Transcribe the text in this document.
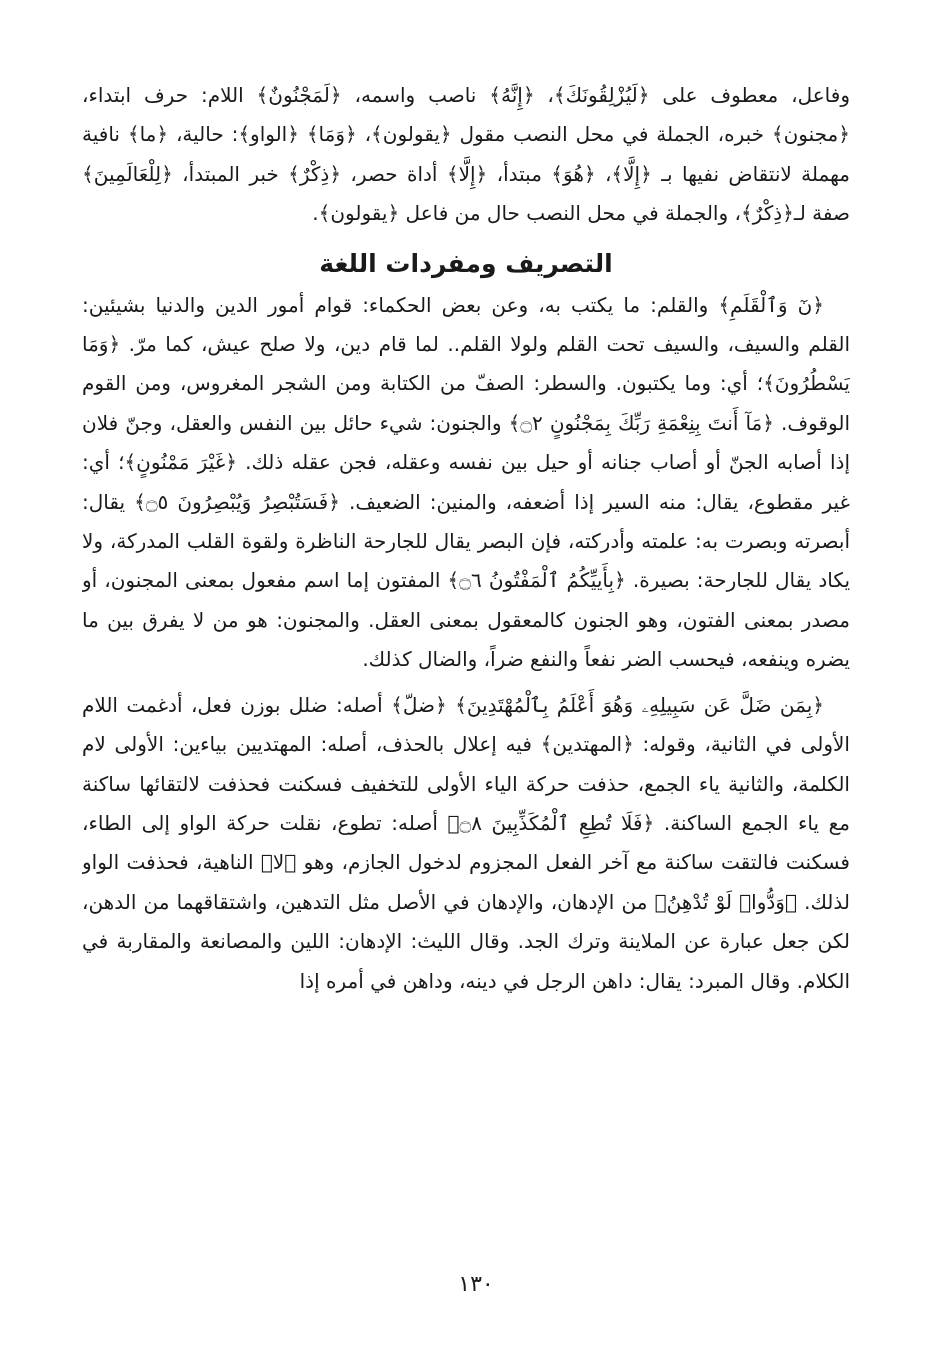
وفاعل، معطوف على ﴿لَيُزْلِقُونَكَ﴾، ﴿إِنَّهُ﴾ ناصب واسمه، ﴿لَمَجْنُونٌ﴾ اللام: حرف ابتداء، ﴿مجنون﴾ خبره، الجملة في محل النصب مقول ﴿يقولون﴾، ﴿وَمَا﴾ ﴿الواو﴾: حالية، ﴿ما﴾ نافية مهملة لانتقاض نفيها بـ ﴿إِلَّا﴾، ﴿هُوَ﴾ مبتدأ، ﴿إِلَّا﴾ أداة حصر، ﴿ذِكْرٌ﴾ خبر المبتدأ، ﴿لِلْعَالَمِينَ﴾ صفة لـ﴿ذِكْرٌ﴾، والجملة في محل النصب حال من فاعل ﴿يقولون﴾.

التصريف ومفردات اللغة

﴿نٓ وَٱلْقَلَمِ﴾ والقلم: ما يكتب به، وعن بعض الحكماء: قوام أمور الدين والدنيا بشيئين: القلم والسيف، والسيف تحت القلم ولولا القلم.. لما قام دين، ولا صلح عيش، كما مرّ. ﴿وَمَا يَسْطُرُونَ﴾؛ أي: وما يكتبون. والسطر: الصفّ من الكتابة ومن الشجر المغروس، ومن القوم الوقوف. ﴿مَآ أَنتَ بِنِعْمَةِ رَبِّكَ بِمَجْنُونٍ ۝٢﴾ والجنون: شيء حائل بين النفس والعقل، وجنّ فلان إذا أصابه الجنّ أو أصاب جنانه أو حيل بين نفسه وعقله، فجن عقله ذلك. ﴿غَيْرَ مَمْنُونٍ﴾؛ أي: غير مقطوع، يقال: منه السير إذا أضعفه، والمنين: الضعيف. ﴿فَسَتُبْصِرُ وَيُبْصِرُونَ ۝٥﴾ يقال: أبصرته وبصرت به: علمته وأدركته، فإن البصر يقال للجارحة الناظرة ولقوة القلب المدركة، ولا يكاد يقال للجارحة: بصيرة. ﴿بِأَييِّكُمُ ٱلْمَفْتُونُ ۝٦﴾ المفتون إما اسم مفعول بمعنى المجنون، أو مصدر بمعنى الفتون، وهو الجنون كالمعقول بمعنى العقل. والمجنون: هو من لا يفرق بين ما يضره وينفعه، فيحسب الضر نفعاً والنفع ضراً، والضال كذلك.

﴿بِمَن ضَلَّ عَن سَبِيلِهِۦ وَهُوَ أَعْلَمُ بِٱلْمُهْتَدِينَ﴾ ﴿ضلّ﴾ أصله: ضلل بوزن فعل، أدغمت اللام الأولى في الثانية، وقوله: ﴿المهتدين﴾ فيه إعلال بالحذف، أصله: المهتديين بياءين: الأولى لام الكلمة، والثانية ياء الجمع، حذفت حركة الياء الأولى للتخفيف فسكنت فحذفت لالتقائها ساكنة مع ياء الجمع الساكنة. ﴿فَلَا تُطِعِ ٱلْمُكَذِّبِينَ ۝٨﴾ أصله: تطوع، نقلت حركة الواو إلى الطاء، فسكنت فالتقت ساكنة مع آخر الفعل المجزوم لدخول الجازم، وهو ﴿لا﴾ الناهية، فحذفت الواو لذلك. ﴿وَدُّوا۟ لَوْ تُدْهِنُ﴾ من الإدهان، والإدهان في الأصل مثل التدهين، واشتقاقهما من الدهن، لكن جعل عبارة عن الملاينة وترك الجد. وقال الليث: الإدهان: اللين والمصانعة والمقاربة في الكلام. وقال المبرد: يقال: داهن الرجل في دينه، وداهن في أمره إذا

١٣٠
